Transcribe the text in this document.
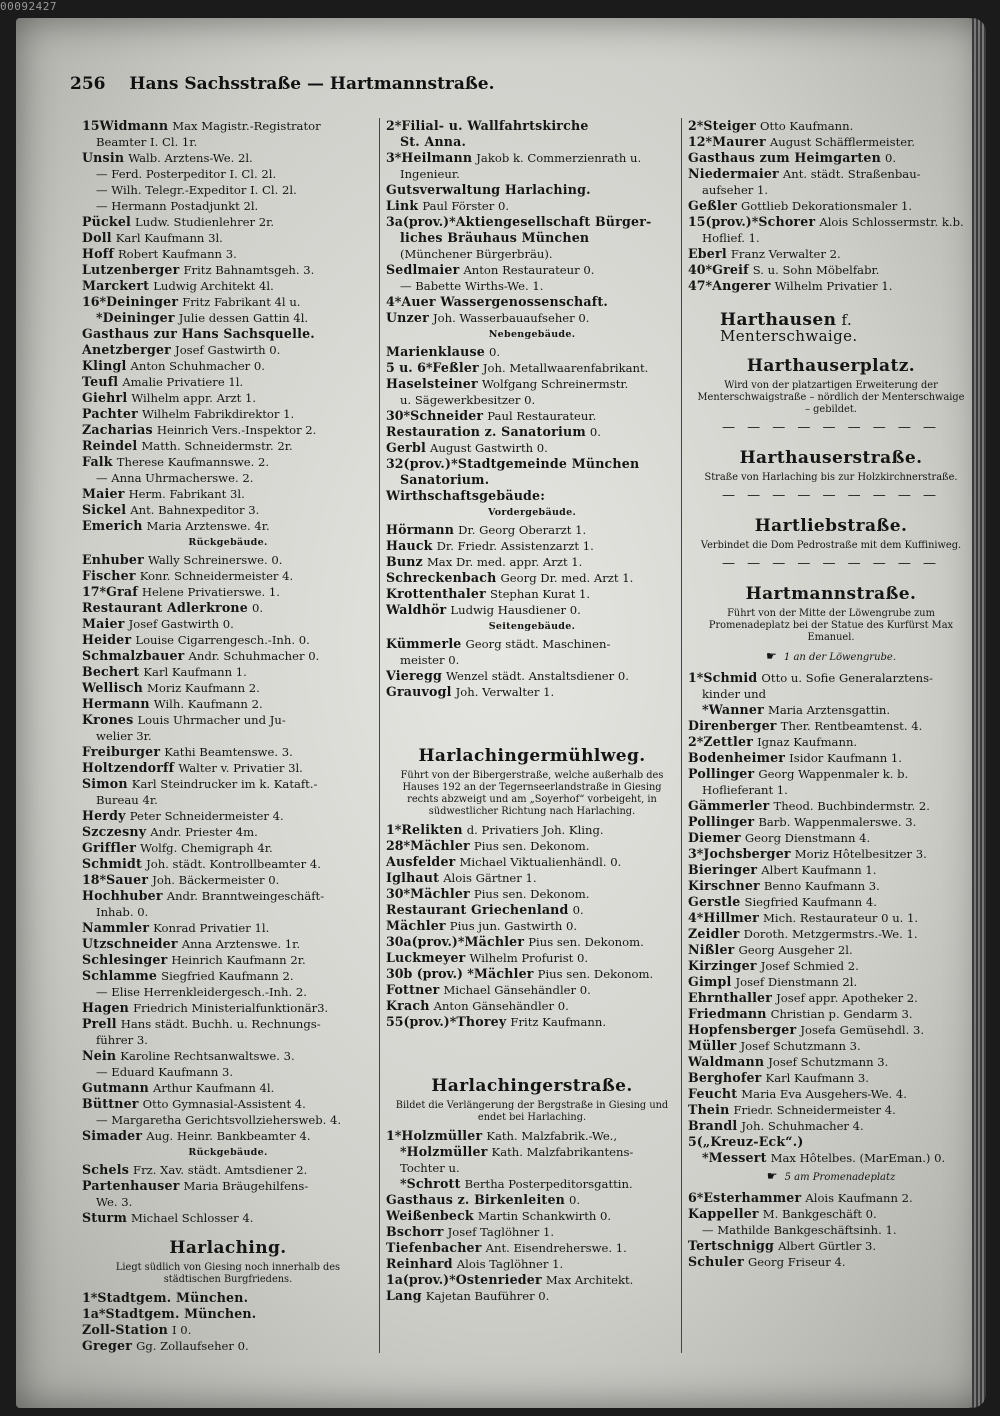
00092427
256 Hans Sachsstraße — Hartmannstraße.
15Widmann Max Magistr.-Registrator
Beamter I. Cl. 1r.
Unsin Walb. Arztens-We. 2l.
— Ferd. Posterpeditor I. Cl. 2l.
— Wilh. Telegr.-Expeditor I. Cl. 2l.
— Hermann Postadjunkt 2l.
Pückel Ludw. Studienlehrer 2r.
Doll Karl Kaufmann 3l.
Hoff Robert Kaufmann 3.
Lutzenberger Fritz Bahnamtsgeh. 3.
Marckert Ludwig Architekt 4l.
16*Deininger Fritz Fabrikant 4l u.
*Deininger Julie dessen Gattin 4l.
Gasthaus zur Hans Sachsquelle.
Anetzberger Josef Gastwirth 0.
Klingl Anton Schuhmacher 0.
Teufl Amalie Privatiere 1l.
Giehrl Wilhelm appr. Arzt 1.
Pachter Wilhelm Fabrikdirektor 1.
Zacharias Heinrich Vers.-Inspektor 2.
Reindel Matth. Schneidermstr. 2r.
Falk Therese Kaufmannswe. 2.
— Anna Uhrmacherswe. 2.
Maier Herm. Fabrikant 3l.
Sickel Ant. Bahnexpeditor 3.
Emerich Maria Arztenswe. 4r.
Rückgebäude.
Enhuber Wally Schreinerswe. 0.
Fischer Konr. Schneidermeister 4.
17*Graf Helene Privatierswe. 1.
Restaurant Adlerkrone 0.
Maier Josef Gastwirth 0.
Heider Louise Cigarrengesch.-Inh. 0.
Schmalzbauer Andr. Schuhmacher 0.
Bechert Karl Kaufmann 1.
Wellisch Moriz Kaufmann 2.
Hermann Wilh. Kaufmann 2.
Krones Louis Uhrmacher und Ju-
welier 3r.
Freiburger Kathi Beamtenswe. 3.
Holtzendorff Walter v. Privatier 3l.
Simon Karl Steindrucker im k. Kataft.-
Bureau 4r.
Herdy Peter Schneidermeister 4.
Szczesny Andr. Priester 4m.
Griffler Wolfg. Chemigraph 4r.
Schmidt Joh. städt. Kontrollbeamter 4.
18*Sauer Joh. Bäckermeister 0.
Hochhuber Andr. Branntweingeschäft-
Inhab. 0.
Nammler Konrad Privatier 1l.
Utzschneider Anna Arztenswe. 1r.
Schlesinger Heinrich Kaufmann 2r.
Schlamme Siegfried Kaufmann 2.
— Elise Herrenkleidergesch.-Inh. 2.
Hagen Friedrich Ministerialfunktionär3.
Prell Hans städt. Buchh. u. Rechnungs-
führer 3.
Nein Karoline Rechtsanwaltswe. 3.
— Eduard Kaufmann 3.
Gutmann Arthur Kaufmann 4l.
Büttner Otto Gymnasial-Assistent 4.
— Margaretha Gerichtsvollziehersweb. 4.
Simader Aug. Heinr. Bankbeamter 4.
Rückgebäude.
Schels Frz. Xav. städt. Amtsdiener 2.
Partenhauser Maria Bräugehilfens-
We. 3.
Sturm Michael Schlosser 4.
Harlaching.
Liegt südlich von Giesing noch innerhalb des städtischen Burgfriedens.
1*Stadtgem. München.
1a*Stadtgem. München.
Zoll-Station I 0.
Greger Gg. Zollaufseher 0.
2*Filial- u. Wallfahrtskirche
St. Anna.
3*Heilmann Jakob k. Commerzienrath u.
Ingenieur.
Gutsverwaltung Harlaching.
Link Paul Förster 0.
3a(prov.)*Aktiengesellschaft Bürger-
liches Bräuhaus München
(Münchener Bürgerbräu).
Sedlmaier Anton Restaurateur 0.
— Babette Wirths-We. 1.
4*Auer Wassergenossenschaft.
Unzer Joh. Wasserbauaufseher 0.
Nebengebäude.
Marienklause 0.
5 u. 6*Feßler Joh. Metallwaarenfabrikant.
Haselsteiner Wolfgang Schreinermstr.
u. Sägewerkbesitzer 0.
30*Schneider Paul Restaurateur.
Restauration z. Sanatorium 0.
Gerbl August Gastwirth 0.
32(prov.)*Stadtgemeinde München
Sanatorium.
Wirthschaftsgebäude:
Vordergebäude.
Hörmann Dr. Georg Oberarzt 1.
Hauck Dr. Friedr. Assistenzarzt 1.
Bunz Max Dr. med. appr. Arzt 1.
Schreckenbach Georg Dr. med. Arzt 1.
Krottenthaler Stephan Kurat 1.
Waldhör Ludwig Hausdiener 0.
Seitengebäude.
Kümmerle Georg städt. Maschinen-
meister 0.
Vieregg Wenzel städt. Anstaltsdiener 0.
Grauvogl Joh. Verwalter 1.
Harlachingermühlweg.
Führt von der Bibergerstraße, welche außerhalb des Hauses 192 an der Tegernseerlandstraße in Giesing rechts abzweigt und am „Soyerhof“ vorbeigeht, in südwestlicher Richtung nach Harlaching.
1*Relikten d. Privatiers Joh. Kling.
28*Mächler Pius sen. Dekonom.
Ausfelder Michael Viktualienhändl. 0.
Iglhaut Alois Gärtner 1.
30*Mächler Pius sen. Dekonom.
Restaurant Griechenland 0.
Mächler Pius jun. Gastwirth 0.
30a(prov.)*Mächler Pius sen. Dekonom.
Luckmeyer Wilhelm Profurist 0.
30b (prov.) *Mächler Pius sen. Dekonom.
Fottner Michael Gänsehändler 0.
Krach Anton Gänsehändler 0.
55(prov.)*Thorey Fritz Kaufmann.
Harlachingerstraße.
Bildet die Verlängerung der Bergstraße in Giesing und endet bei Harlaching.
1*Holzmüller Kath. Malzfabrik.-We.,
*Holzmüller Kath. Malzfabrikantens-
Tochter u.
*Schrott Bertha Posterpeditorsgattin.
Gasthaus z. Birkenleiten 0.
Weißenbeck Martin Schankwirth 0.
Bschorr Josef Taglöhner 1.
Tiefenbacher Ant. Eisendreherswe. 1.
Reinhard Alois Taglöhner 1.
1a(prov.)*Ostenrieder Max Architekt.
Lang Kajetan Bauführer 0.
2*Steiger Otto Kaufmann.
12*Maurer August Schäfflermeister.
Gasthaus zum Heimgarten 0.
Niedermaier Ant. städt. Straßenbau-
aufseher 1.
Geßler Gottlieb Dekorationsmaler 1.
15(prov.)*Schorer Alois Schlossermstr. k.b.
Hoflief. 1.
Eberl Franz Verwalter 2.
40*Greif S. u. Sohn Möbelfabr.
47*Angerer Wilhelm Privatier 1.
Harthausen f. Menterschwaige.
Harthauserplatz.
Wird von der platzartigen Erweiterung der Menterschwaigstraße – nördlich der Menterschwaige – gebildet.
— — — — — — — — —
Harthauserstraße.
Straße von Harlaching bis zur Holzkirchnerstraße.
— — — — — — — — —
Hartliebstraße.
Verbindet die Dom Pedrostraße mit dem Kuffiniweg.
— — — — — — — — —
Hartmannstraße.
Führt von der Mitte der Löwengrube zum Promenadeplatz bei der Statue des Kurfürst Max Emanuel.
☛ 1 an der Löwengrube.
1*Schmid Otto u. Sofie Generalarztens-
kinder und
*Wanner Maria Arztensgattin.
Direnberger Ther. Rentbeamtenst. 4.
2*Zettler Ignaz Kaufmann.
Bodenheimer Isidor Kaufmann 1.
Pollinger Georg Wappenmaler k. b.
Hoflieferant 1.
Gämmerler Theod. Buchbindermstr. 2.
Pollinger Barb. Wappenmalerswe. 3.
Diemer Georg Dienstmann 4.
3*Jochsberger Moriz Hôtelbesitzer 3.
Bieringer Albert Kaufmann 1.
Kirschner Benno Kaufmann 3.
Gerstle Siegfried Kaufmann 4.
4*Hillmer Mich. Restaurateur 0 u. 1.
Zeidler Doroth. Metzgermstrs.-We. 1.
Nißler Georg Ausgeher 2l.
Kirzinger Josef Schmied 2.
Gimpl Josef Dienstmann 2l.
Ehrnthaller Josef appr. Apotheker 2.
Friedmann Christian p. Gendarm 3.
Hopfensberger Josefa Gemüsehdl. 3.
Müller Josef Schutzmann 3.
Waldmann Josef Schutzmann 3.
Berghofer Karl Kaufmann 3.
Feucht Maria Eva Ausgehers-We. 4.
Thein Friedr. Schneidermeister 4.
Brandl Joh. Schuhmacher 4.
5(„Kreuz-Eck“.)
*Messert Max Hôtelbes. (MarEman.) 0.
☛ 5 am Promenadeplatz
6*Esterhammer Alois Kaufmann 2.
Kappeller M. Bankgeschäft 0.
— Mathilde Bankgeschäftsinh. 1.
Tertschnigg Albert Gürtler 3.
Schuler Georg Friseur 4.
